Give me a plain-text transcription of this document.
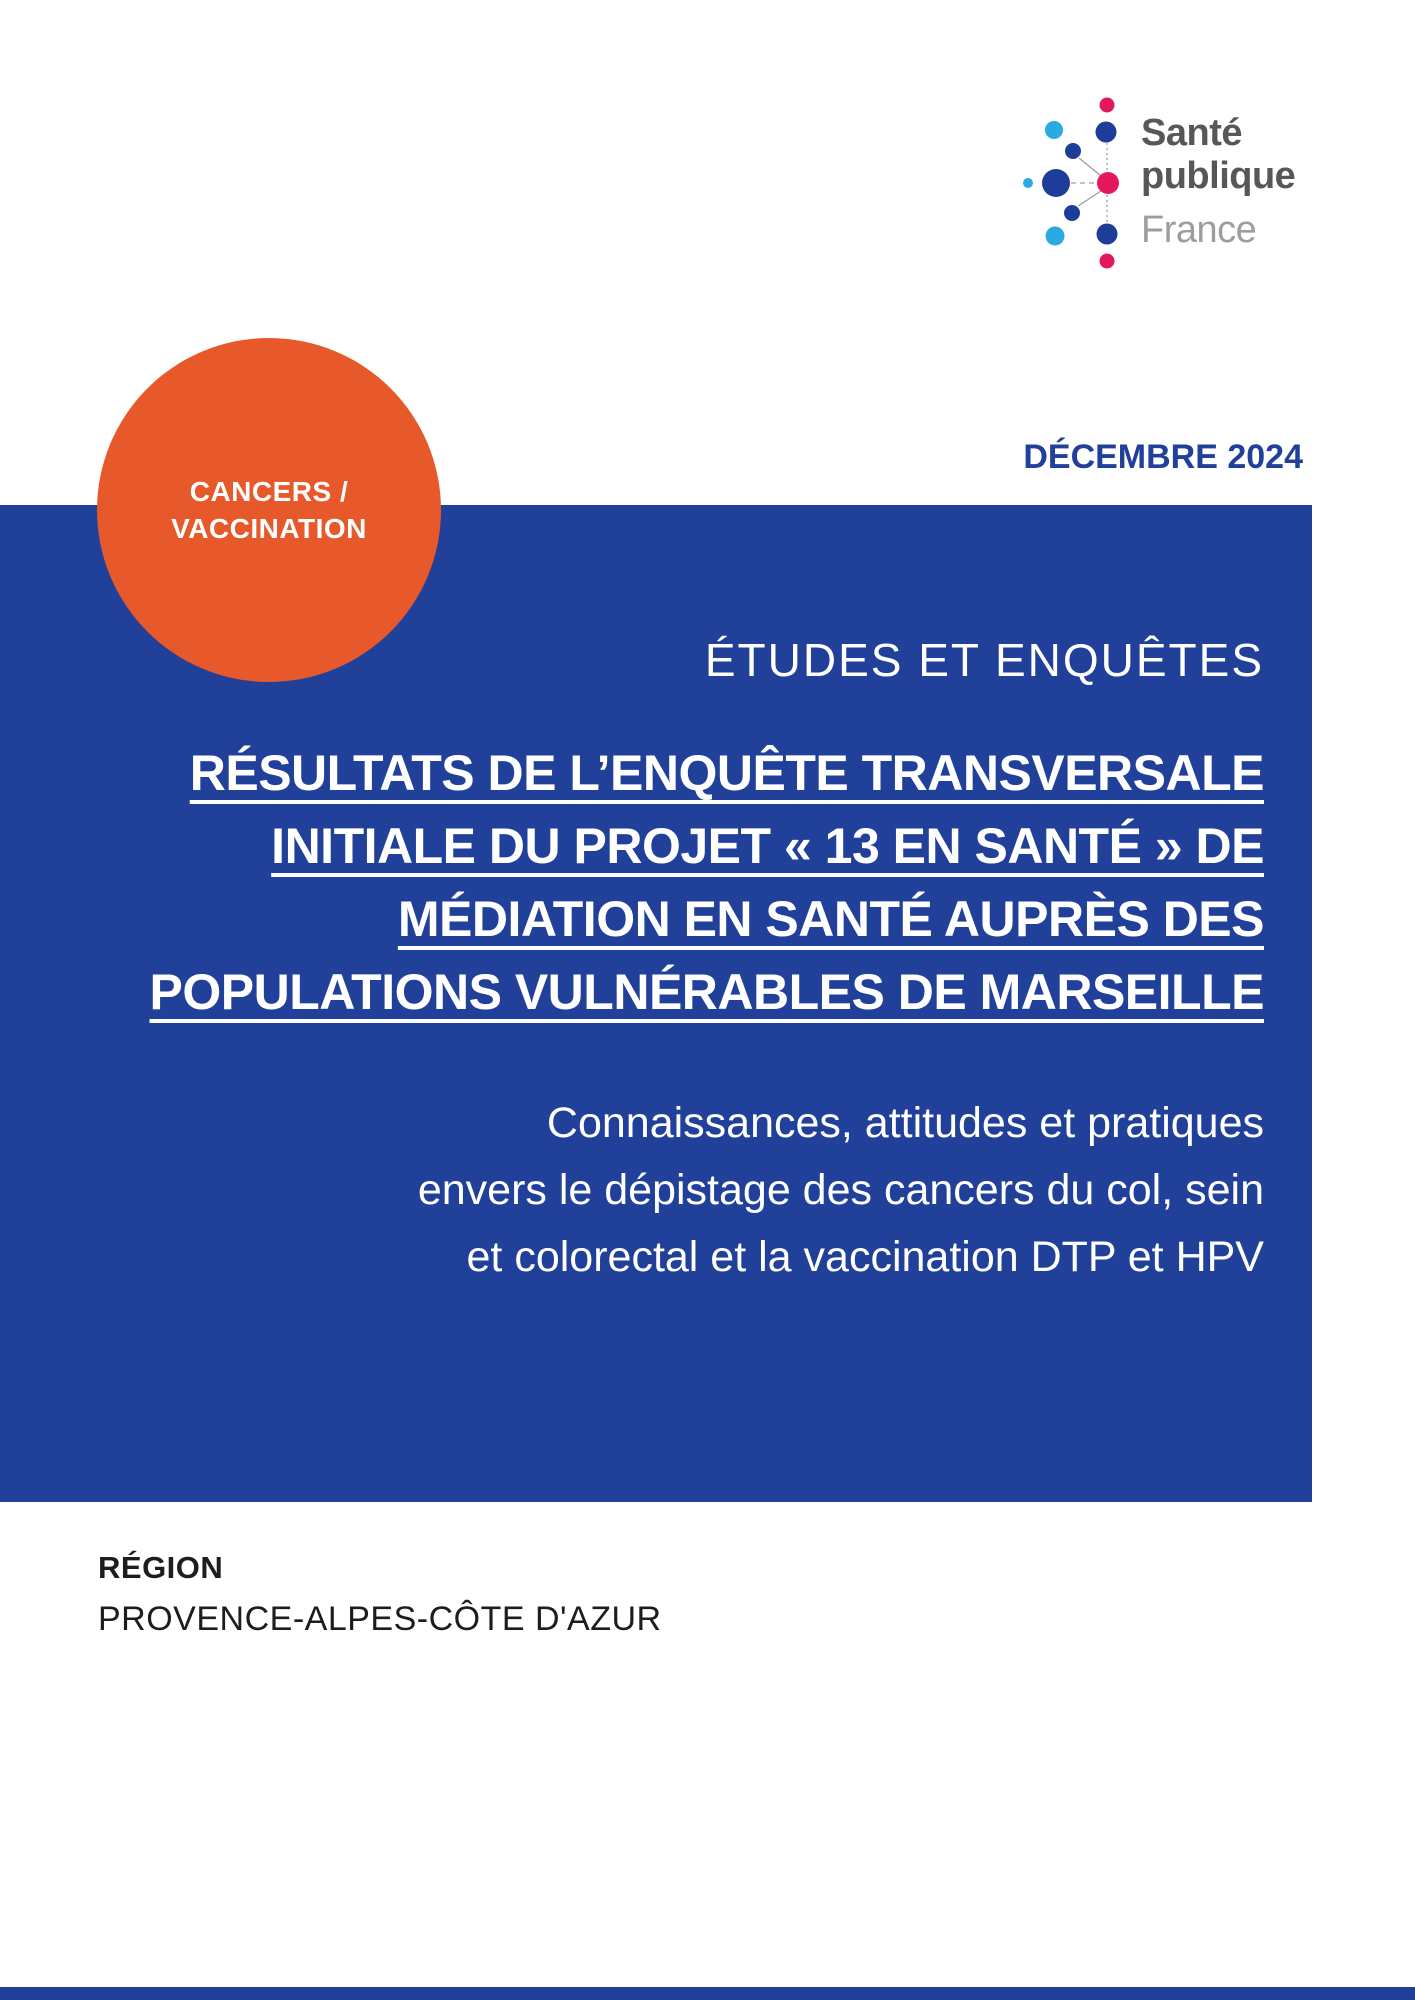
Santé
publique
France
CANCERS /
VACCINATION
DÉCEMBRE 2024
ÉTUDES ET ENQUÊTES
RÉSULTATS DE L’ENQUÊTE TRANSVERSALE
INITIALE DU PROJET « 13 EN SANTÉ » DE
MÉDIATION EN SANTÉ AUPRÈS DES
POPULATIONS VULNÉRABLES DE MARSEILLE
Connaissances, attitudes et pratiques
envers le dépistage des cancers du col, sein
et colorectal et la vaccination DTP et HPV
RÉGION
PROVENCE-ALPES-CÔTE D'AZUR
